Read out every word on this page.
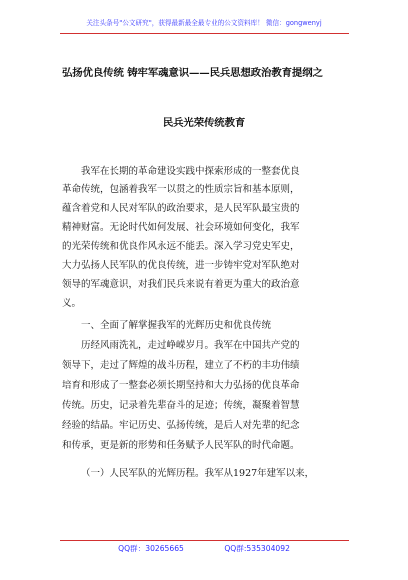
关注头条号"公文研究"，获得最新最全最专业的公文资料库！ 微信：gongwenyj
弘扬优良传统 铸牢军魂意识——民兵思想政治教育提纲之
民兵光荣传统教育
我军在长期的革命建设实践中探索形成的一整套优良
革命传统，包涵着我军一以贯之的性质宗旨和基本原则，
蕴含着党和人民对军队的政治要求，是人民军队最宝贵的
精神财富。无论时代如何发展、社会环境如何变化，我军
的光荣传统和优良作风永远不能丢。深入学习党史军史，
大力弘扬人民军队的优良传统，进一步铸牢党对军队绝对
领导的军魂意识，对我们民兵来说有着更为重大的政治意
义。
一、全面了解掌握我军的光辉历史和优良传统
历经风雨洗礼，走过峥嵘岁月。我军在中国共产党的
领导下，走过了辉煌的战斗历程，建立了不朽的丰功伟绩
培育和形成了一整套必须长期坚持和大力弘扬的优良革命
传统。历史，记录着先辈奋斗的足迹；传统，凝聚着智慧
经验的结晶。牢记历史、弘扬传统，是后人对先辈的纪念
和传承，更是新的形势和任务赋予人民军队的时代命题。
（一）人民军队的光辉历程。我军从1927年建军以来，
QQ群：30265665	QQ群:535304092
